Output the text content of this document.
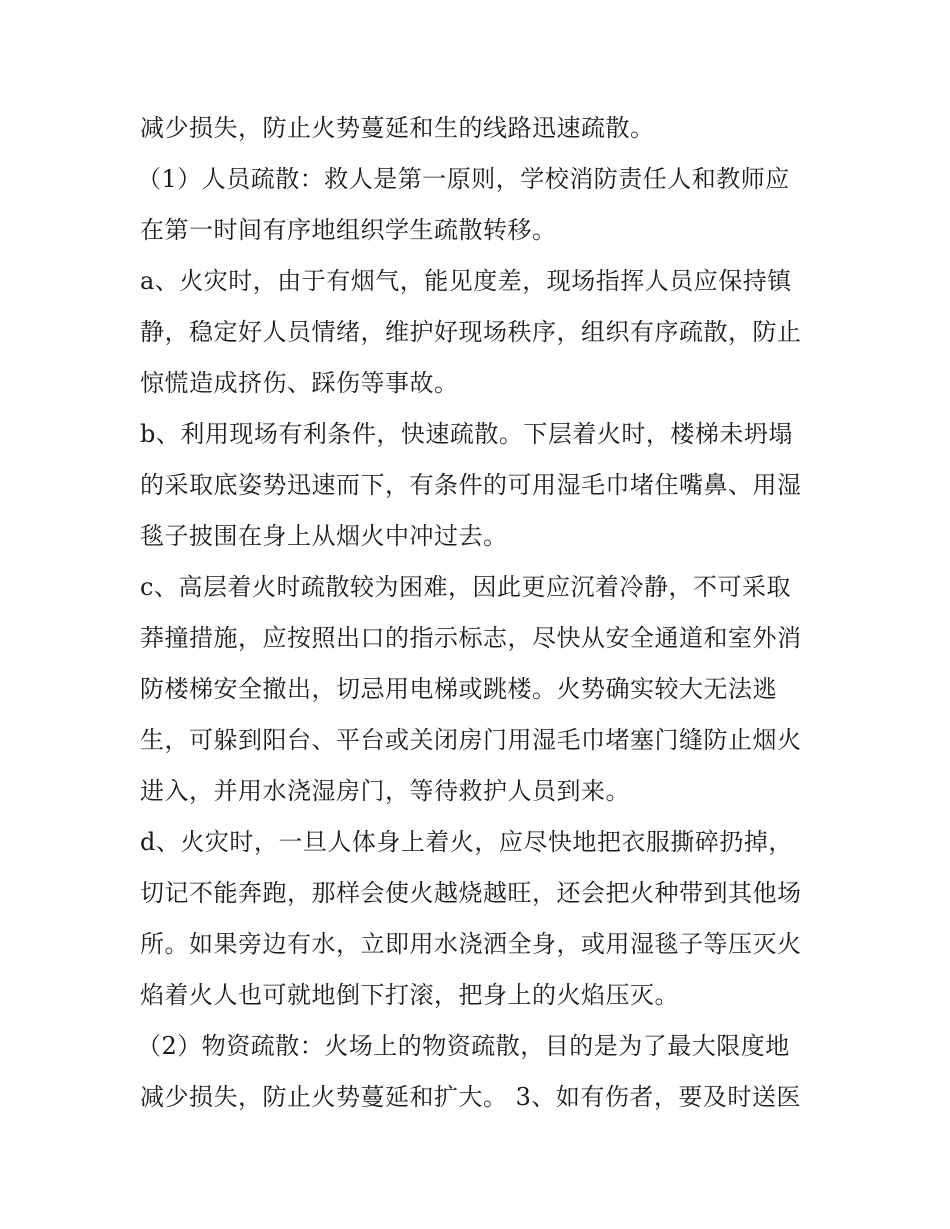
减少损失，防止火势蔓延和生的线路迅速疏散。
（1）人员疏散：救人是第一原则，学校消防责任人和教师应
在第一时间有序地组织学生疏散转移。
a、火灾时，由于有烟气，能见度差，现场指挥人员应保持镇
静，稳定好人员情绪，维护好现场秩序，组织有序疏散，防止
惊慌造成挤伤、踩伤等事故。
b、利用现场有利条件，快速疏散。下层着火时，楼梯未坍塌
的采取底姿势迅速而下，有条件的可用湿毛巾堵住嘴鼻、用湿
毯子披围在身上从烟火中冲过去。
c、高层着火时疏散较为困难，因此更应沉着冷静，不可采取
莽撞措施，应按照出口的指示标志，尽快从安全通道和室外消
防楼梯安全撤出，切忌用电梯或跳楼。火势确实较大无法逃
生，可躲到阳台、平台或关闭房门用湿毛巾堵塞门缝防止烟火
进入，并用水浇湿房门，等待救护人员到来。
d、火灾时，一旦人体身上着火，应尽快地把衣服撕碎扔掉，
切记不能奔跑，那样会使火越烧越旺，还会把火种带到其他场
所。如果旁边有水，立即用水浇洒全身，或用湿毯子等压灭火
焰着火人也可就地倒下打滚，把身上的火焰压灭。
（2）物资疏散：火场上的物资疏散，目的是为了最大限度地
减少损失，防止火势蔓延和扩大。 3、如有伤者，要及时送医
